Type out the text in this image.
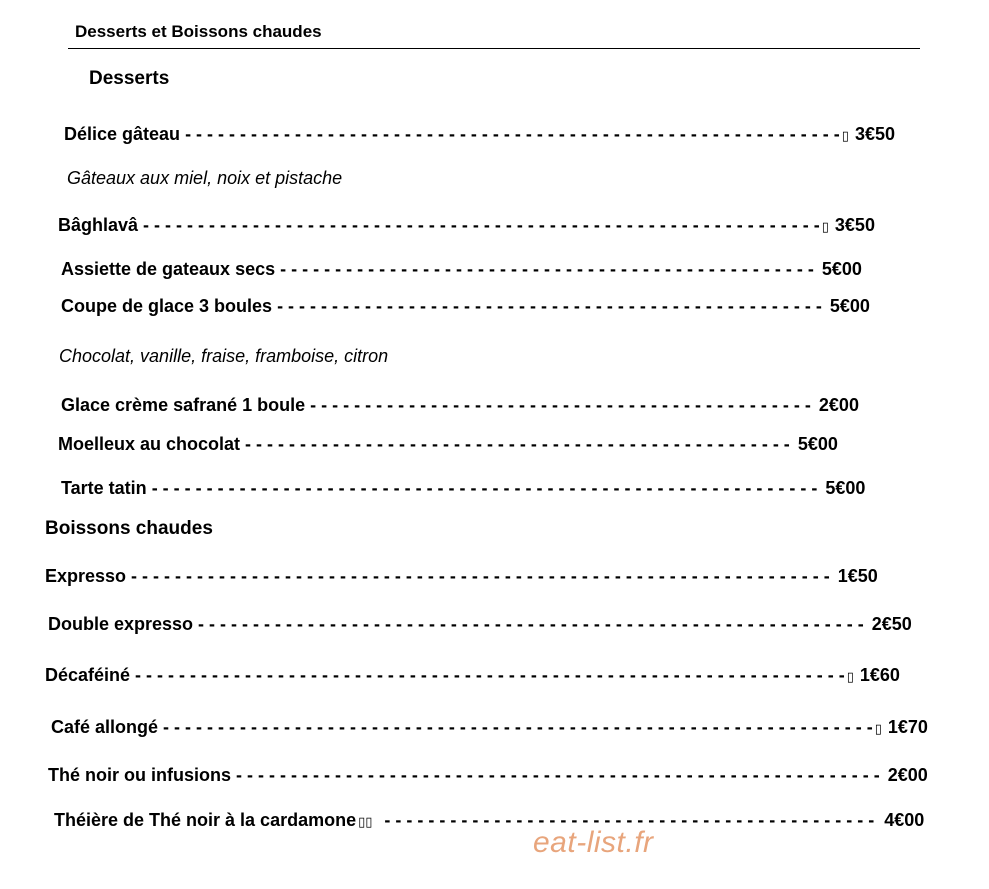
Desserts et Boissons chaudes
Desserts
Délice gâteau - - - - - - - - - - - - - - - - - - - - - - - - - - - - - - - - - - - - - - - - - - - - - - - - - - - - - - - - - - - - ▯ 3€50
Gâteaux aux miel, noix et pistache
Bâghlavâ - - - - - - - - - - - - - - - - - - - - - - - - - - - - - - - - - - - - - - - - - - - - - - - - - - - - - - - - - - - - - - ▯ 3€50
Assiette de gateaux secs - - - - - - - - - - - - - - - - - - - - - - - - - - - - - - - - - - - - - - - - - - - - - - - - - 5€00
Coupe de glace 3 boules - - - - - - - - - - - - - - - - - - - - - - - - - - - - - - - - - - - - - - - - - - - - - - - - - - 5€00
Chocolat, vanille, fraise, framboise, citron
Glace crème safrané 1 boule - - - - - - - - - - - - - - - - - - - - - - - - - - - - - - - - - - - - - - - - - - - - - - 2€00
Moelleux au chocolat - - - - - - - - - - - - - - - - - - - - - - - - - - - - - - - - - - - - - - - - - - - - - - - - - - 5€00
Tarte tatin - - - - - - - - - - - - - - - - - - - - - - - - - - - - - - - - - - - - - - - - - - - - - - - - - - - - - - - - - - - - - 5€00
Boissons chaudes
Expresso - - - - - - - - - - - - - - - - - - - - - - - - - - - - - - - - - - - - - - - - - - - - - - - - - - - - - - - - - - - - - - - - 1€50
Double expresso - - - - - - - - - - - - - - - - - - - - - - - - - - - - - - - - - - - - - - - - - - - - - - - - - - - - - - - - - - - - - 2€50
Décaféiné - - - - - - - - - - - - - - - - - - - - - - - - - - - - - - - - - - - - - - - - - - - - - - - - - - - - - - - - - - - - - - - - - ▯ 1€60
Café allongé - - - - - - - - - - - - - - - - - - - - - - - - - - - - - - - - - - - - - - - - - - - - - - - - - - - - - - - - - - - - - - - - - ▯ 1€70
Thé noir ou infusions - - - - - - - - - - - - - - - - - - - - - - - - - - - - - - - - - - - - - - - - - - - - - - - - - - - - - - - - - - - 2€00
Théière de Thé noir à la cardamone ▯▯  - - - - - - - - - - - - - - - - - - - - - - - - - - - - - - - - - - - - - - - - - - - - - 4€00
eat-list.fr
